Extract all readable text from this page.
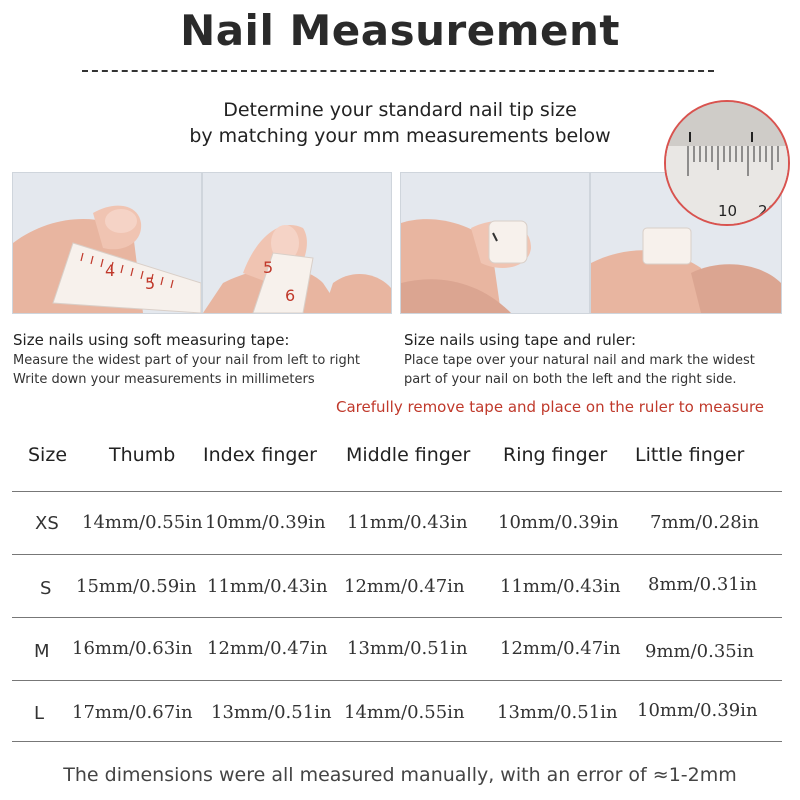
Nail Measurement
Determine your standard nail tip size
by matching your mm measurements below
4
5
5
6
10 20
Size nails using soft measuring tape:
Measure the widest part of your nail from left to right
Write down your measurements in millimeters
Size nails using tape and ruler:
Place tape over your natural nail and mark the widest
part of your nail on both the left and the right side.
Carefully remove tape and place on the ruler to measure
Size Thumb Index finger Middle finger Ring finger Little finger
XS 14mm/0.55in 10mm/0.39in 11mm/0.43in 10mm/0.39in 7mm/0.28in
S 15mm/0.59in 11mm/0.43in 12mm/0.47in 11mm/0.43in 8mm/0.31in
M 16mm/0.63in 12mm/0.47in 13mm/0.51in 12mm/0.47in 9mm/0.35in
L 17mm/0.67in 13mm/0.51in 14mm/0.55in 13mm/0.51in 10mm/0.39in
The dimensions were all measured manually, with an error of ≈1-2mm
